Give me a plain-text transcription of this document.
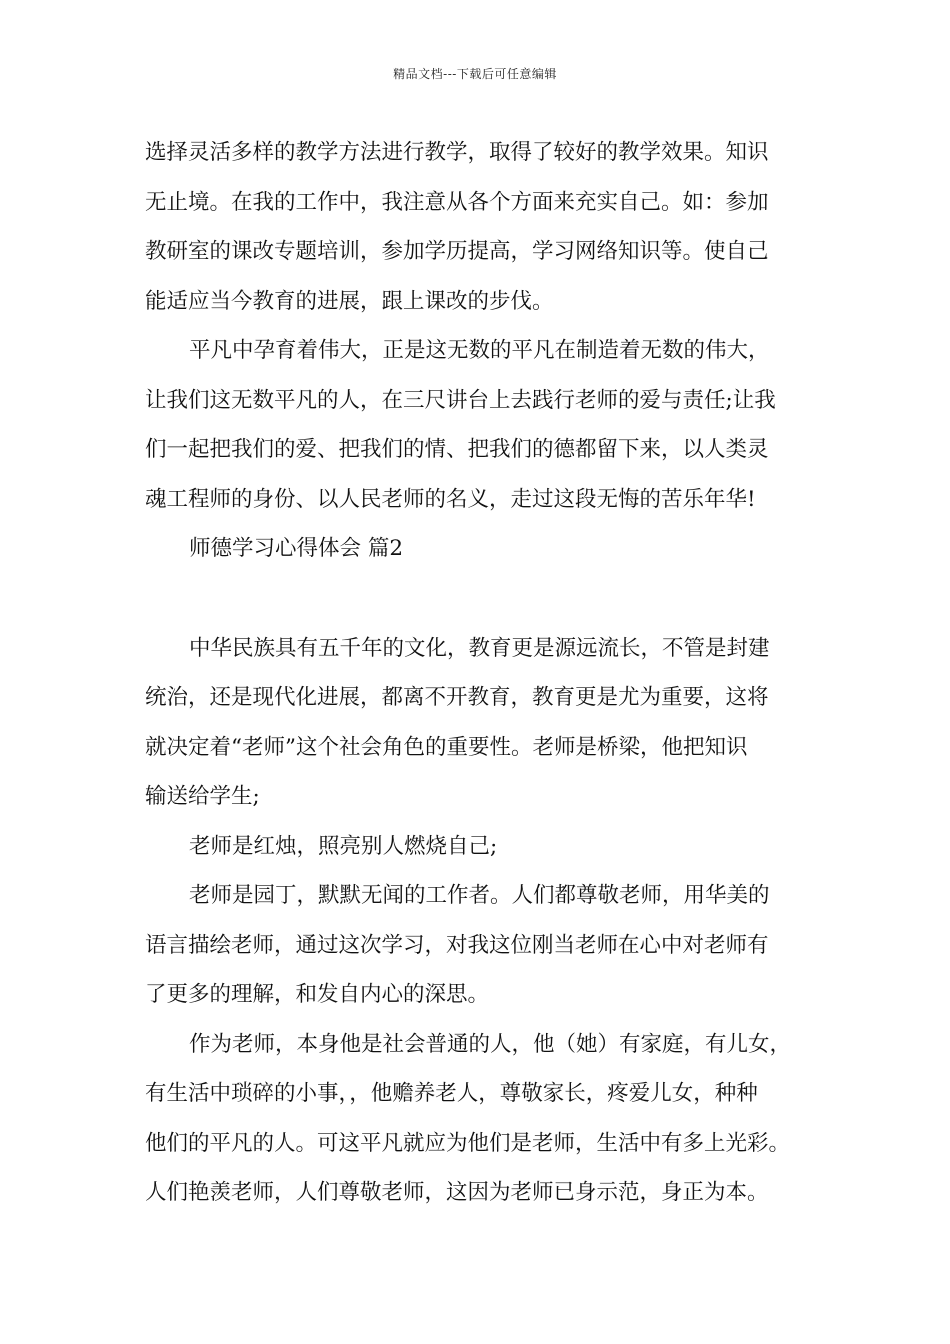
精品文档---下载后可任意编辑
选择灵活多样的教学方法进行教学，取得了较好的教学效果。知识
无止境。在我的工作中，我注意从各个方面来充实自己。如：参加
教研室的课改专题培训，参加学历提高，学习网络知识等。使自己
能适应当今教育的进展，跟上课改的步伐。
平凡中孕育着伟大，正是这无数的平凡在制造着无数的伟大，
让我们这无数平凡的人，在三尺讲台上去践行老师的爱与责任;让我
们一起把我们的爱、把我们的情、把我们的德都留下来，以人类灵
魂工程师的身份、以人民老师的名义，走过这段无悔的苦乐年华!
师德学习心得体会 篇2
中华民族具有五千年的文化，教育更是源远流长，不管是封建
统治，还是现代化进展，都离不开教育，教育更是尤为重要，这将
就决定着“老师”这个社会角色的重要性。老师是桥梁，他把知识
输送给学生;
老师是红烛，照亮别人燃烧自己;
老师是园丁，默默无闻的工作者。人们都尊敬老师，用华美的
语言描绘老师，通过这次学习，对我这位刚当老师在心中对老师有
了更多的理解，和发自内心的深思。
作为老师，本身他是社会普通的人，他（她）有家庭，有儿女，
有生活中琐碎的小事，，他赡养老人，尊敬家长，疼爱儿女，种种
他们的平凡的人。可这平凡就应为他们是老师，生活中有多上光彩。
人们艳羡老师，人们尊敬老师，这因为老师已身示范，身正为本。
